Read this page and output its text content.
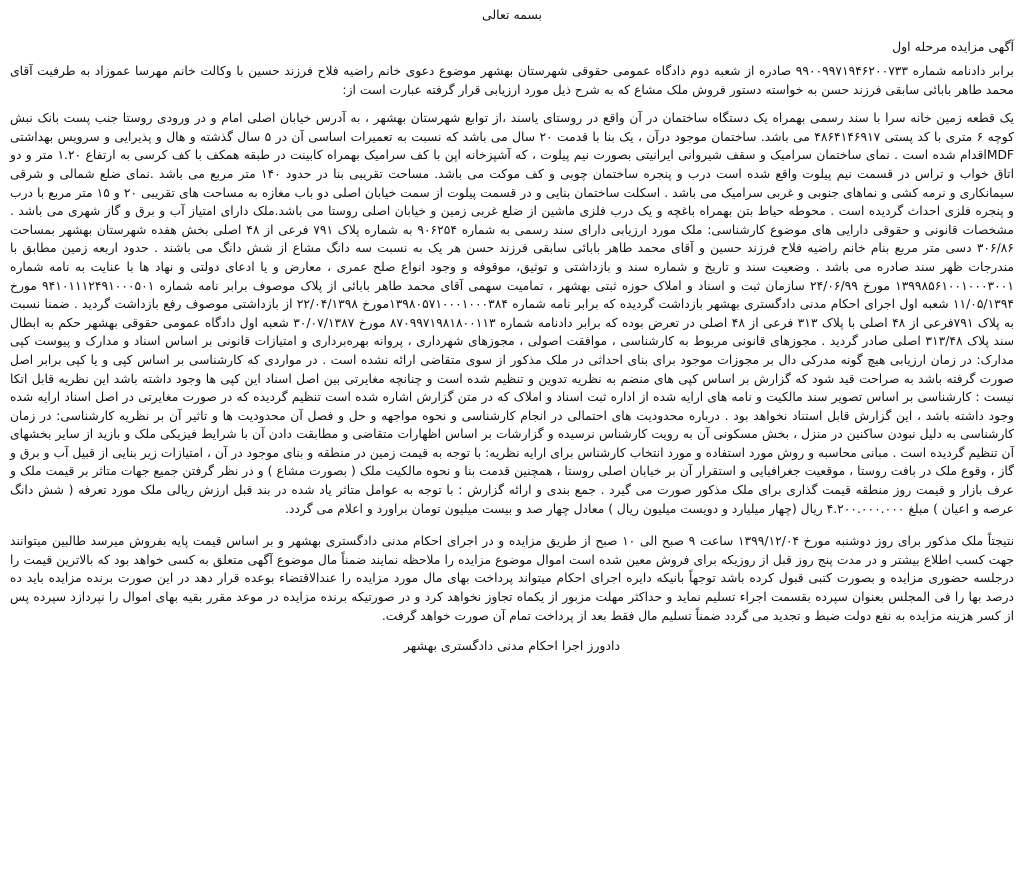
بسمه تعالی
آگهی مزایده مرحله اول

برابر دادنامه شماره ۹۹۰۰۹۹۷۱۹۴۶۲۰۰۷۳۳ صادره از شعبه دوم دادگاه عمومی حقوقی شهرستان بهشهر موضوع دعوی خانم راضیه فلاح فرزند حسین با وکالت خانم مهرسا عموزاد به طرفیت آقای محمد طاهر بابائی سابقی فرزند حسن به خواسته دستور فروش ملک مشاع که به شرح ذیل مورد ارزیابی قرار گرفته عبارت است از:

یک قطعه زمین خانه سرا با سند رسمی بهمراه یک دستگاه ساختمان در آن واقع در روستای یاسند ،از توابع شهرستان بهشهر ، به آدرس خیابان اصلی امام و در ورودی روستا جنب پست بانک نبش کوچه ۶ متری با کد پستی ۴۸۶۴۱۴۶۹۱۷ می باشد. ساختمان موجود درآن ، یک بنا با قدمت ۲۰ سال می باشد که نسبت به تعمیرات اساسی آن در ۵ سال گذشته و هال و پذیرایی و سرویس بهداشتی MDFاقدام شده است . نمای ساختمان سرامیک و سقف شیروانی ایرانیتی بصورت نیم پیلوت ، که آشپزخانه اپن با کف سرامیک بهمراه کابینت در طبقه همکف با کف کرسی به ارتفاع ۱.۲۰ متر و دو اتاق خواب و تراس در قسمت نیم پیلوت واقع شده است درب و پنجره ساختمان چوبی و کف موکت می باشد. مساحت تقریبی بنا در حدود ۱۴۰ متر مربع می باشد .نمای ضلع شمالی و شرقی سیمانکاری و نرمه کشی و نماهای جنوبی و غربی سرامیک می باشد . اسکلت ساختمان بنایی و در قسمت پیلوت از سمت خیابان اصلی دو باب مغازه به مساحت های تقریبی ۲۰ و ۱۵ متر مربع با درب و پنجره فلزی احداث گردیده است . محوطه حیاط بتن بهمراه باغچه و یک درب فلزی ماشین از ضلع غربی زمین و خیابان اصلی روستا می باشد.ملک دارای امتیاز آب و برق و گاز شهری می باشد . مشخصات قانونی و حقوقی دارایی های موضوع کارشناسی: ملک مورد ارزیابی دارای سند رسمی به شماره ۹۰۶۲۵۴ به شماره پلاک ۷۹۱ فرعی از ۴۸ اصلی بخش هفده شهرستان بهشهر بمساحت ۳۰۶/۸۶ دسی متر مربع بنام خانم راضیه فلاح فرزند حسین و آقای محمد طاهر بابائی سابقی فرزند حسن هر یک به نسبت سه دانگ مشاع از شش دانگ می باشند . حدود اربعه زمین مطابق با مندرجات ظهر سند صادره می باشد . وضعیت سند و تاریخ و شماره سند و بازداشتی و توثیق، موقوفه و وجود انواع صلح عمری ، معارض و یا ادعای دولتی و نهاد ها با عنایت به نامه شماره ۱۳۹۹۸۵۶۱۰۰۱۰۰۰۳۰۰۱ مورخ ۲۴/۰۶/۹۹ سازمان ثبت و اسناد و املاک حوزه ثبتی بهشهر ، تمامیت سهمی آقای محمد طاهر بابائی از پلاک موصوف برابر نامه شماره ۹۴۱۰۱۱۱۲۴۹۱۰۰۰۵۰۱ مورخ ۱۱/۰۵/۱۳۹۴ شعبه اول اجرای احکام مدنی دادگستری بهشهر بازداشت گردیده که برابر نامه شماره ۱۳۹۸۰۵۷۱۰۰۰۱۰۰۰۳۸۴مورخ ۲۲/۰۴/۱۳۹۸ از بازداشتی موصوف رفع بازداشت گردید . ضمنا نسبت به پلاک ۷۹۱فرعی از ۴۸ اصلی با پلاک ۳۱۳ فرعی از ۴۸ اصلی در تعرض بوده که برابر دادنامه شماره ۸۷۰۹۹۷۱۹۸۱۸۰۰۱۱۳ مورخ ۳۰/۰۷/۱۳۸۷ شعبه اول دادگاه عمومی حقوقی بهشهر حکم به ابطال سند پلاک ۳۱۳/۴۸ اصلی صادر گردید . مجوزهای قانونی مربوط به کارشناسی ، موافقت اصولی ، مجوزهای شهرداری ، پروانه بهره‌برداری و امتیازات قانونی بر اساس اسناد و مدارک و پیوست کپی مدارک: در زمان ارزیابی هیچ گونه مدرکی دال بر مجوزات موجود برای بنای احداثی در ملک مذکور از سوی متقاضی ارائه نشده است . در مواردی که کارشناسی بر اساس کپی و یا کپی برابر اصل صورت گرفته باشد به صراحت قید شود که گزارش بر اساس کپی های منضم به نظریه تدوین و تنظیم شده است و چنانچه مغایرتی بین اصل اسناد این کپی ها وجود داشته باشد این نظریه قابل اتکا نیست : کارشناسی بر اساس تصویر سند مالکیت و نامه های ارایه شده از اداره ثبت اسناد و املاک که در متن گزارش اشاره شده است تنظیم گردیده که در صورت مغایرتی در اصل اسناد ارایه شده وجود داشته باشد ، این گزارش قابل استناد نخواهد بود . درباره محدودیت های احتمالی در انجام کارشناسی و نحوه مواجهه و حل و فصل آن محدودیت ها و تاثیر آن بر نظریه کارشناسی: در زمان کارشناسی به دلیل نبودن ساکنین در منزل ، بخش مسکونی آن به رویت کارشناس نرسیده و گزارشات بر اساس اظهارات متقاضی و مطابقت دادن آن با شرایط فیزیکی ملک و بازید از سایر بخشهای آن تنظیم گردیده است . مبانی محاسبه و روش مورد استفاده و مورد انتخاب کارشناس برای ارایه نظریه: با توجه به قیمت زمین در منطقه و بنای موجود در آن ، امتیازات زیر بنایی از قبیل آب و برق و گاز ، وقوع ملک در بافت روستا ، موقعیت جغرافیایی و استقرار آن بر خیابان اصلی روستا ، همچنین قدمت بنا و نحوه مالکیت ملک ( بصورت مشاع ) و در نظر گرفتن جمیع جهات متاثر بر قیمت ملک و عرف بازار و قیمت روز منطقه قیمت گذاری برای ملک مذکور صورت می گیرد . جمع بندی و ارائه گزارش : با توجه به عوامل متاثر یاد شده در بند قبل ارزش ریالی ملک مورد تعرفه ( شش دانگ عرصه و اعیان ) مبلغ ۴.۲۰۰.۰۰۰.۰۰۰ ریال (چهار میلیارد و دویست میلیون ریال ) معادل چهار صد و بیست میلیون تومان براورد و اعلام می گردد.

نتیجتاً ملک مذکور برای روز دوشنبه مورخ ۱۳۹۹/۱۲/۰۴ ساعت ۹ صبح الی ۱۰ صبح از طریق مزایده و در اجرای احکام مدنی دادگستری بهشهر و بر اساس قیمت پایه بفروش میرسد طالبین میتوانند جهت کسب اطلاع بیشتر و در مدت پنج روز قبل از روزیکه برای فروش معین شده است اموال موضوع مزایده را ملاحظه نمایند ضمناً مال موضوع آگهی متعلق به کسی خواهد بود که بالاترین قیمت را درجلسه حضوری مزایده و بصورت کتبی قبول کرده باشد توجهاً بانیکه دایره اجرای احکام میتواند پرداخت بهای مال مورد مزایده را عندالاقتضاء بوعده قرار دهد در این صورت برنده مزایده باید ده درصد بها را فی المجلس بعنوان سپرده بقسمت اجراء تسلیم نماید و حداکثر مهلت مزبور از یکماه تجاوز نخواهد کرد و در صورتیکه برنده مزایده در موعد مقرر بقیه بهای اموال را نپردازد سپرده پس از کسر هزینه مزایده به نفع دولت ضبط و تجدید می گردد ضمناً تسلیم مال فقط بعد از پرداخت تمام آن صورت خواهد گرفت.

دادورز اجرا احکام مدنی دادگستری بهشهر
